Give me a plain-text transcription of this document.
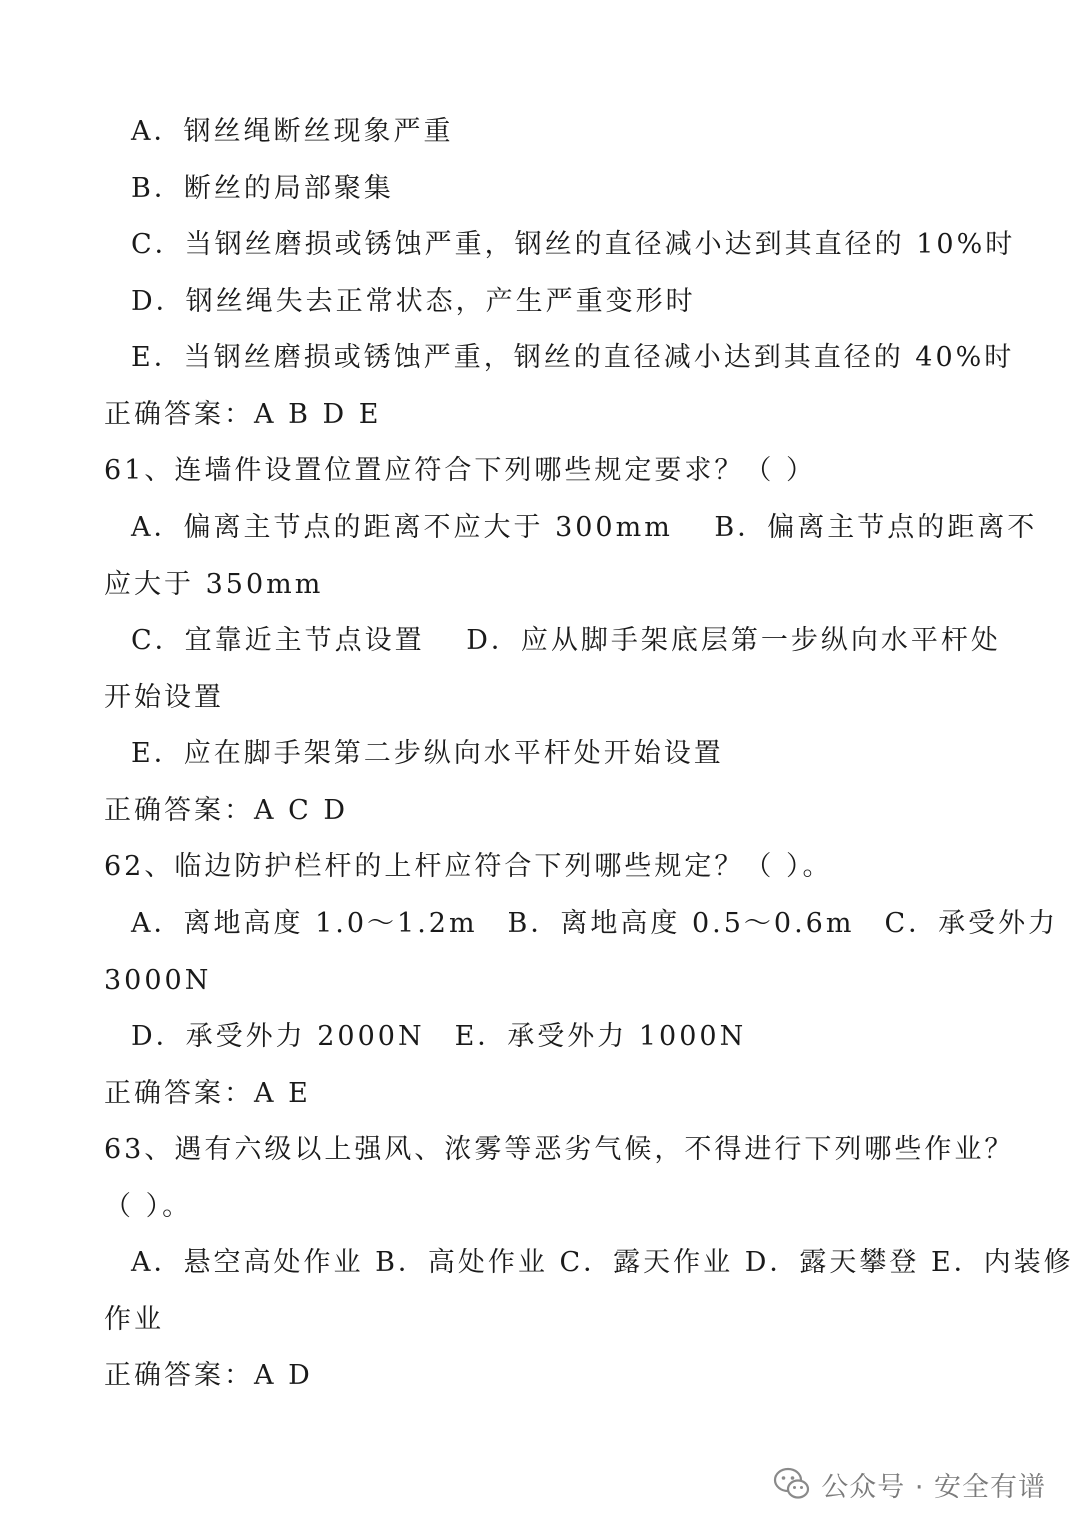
A．钢丝绳断丝现象严重
B．断丝的局部聚集
C．当钢丝磨损或锈蚀严重，钢丝的直径减小达到其直径的 10%时
D．钢丝绳失去正常状态，产生严重变形时
E．当钢丝磨损或锈蚀严重，钢丝的直径减小达到其直径的 40%时
正确答案：A B D E
61、连墙件设置位置应符合下列哪些规定要求？（ ）
A．偏离主节点的距离不应大于 300mm　 B．偏离主节点的距离不
应大于 350mm
C．宜靠近主节点设置　 D．应从脚手架底层第一步纵向水平杆处
开始设置
E．应在脚手架第二步纵向水平杆处开始设置
正确答案：A C D
62、临边防护栏杆的上杆应符合下列哪些规定？（ ）。
A．离地高度 1.0～1.2m　B．离地高度 0.5～0.6m　C．承受外力
3000N
D．承受外力 2000N　E．承受外力 1000N
正确答案：A E
63、遇有六级以上强风、浓雾等恶劣气候，不得进行下列哪些作业？
（ ）。
A．悬空高处作业 B．高处作业 C．露天作业 D．露天攀登 E．内装修
作业
正确答案：A D
公众号 · 安全有谱
